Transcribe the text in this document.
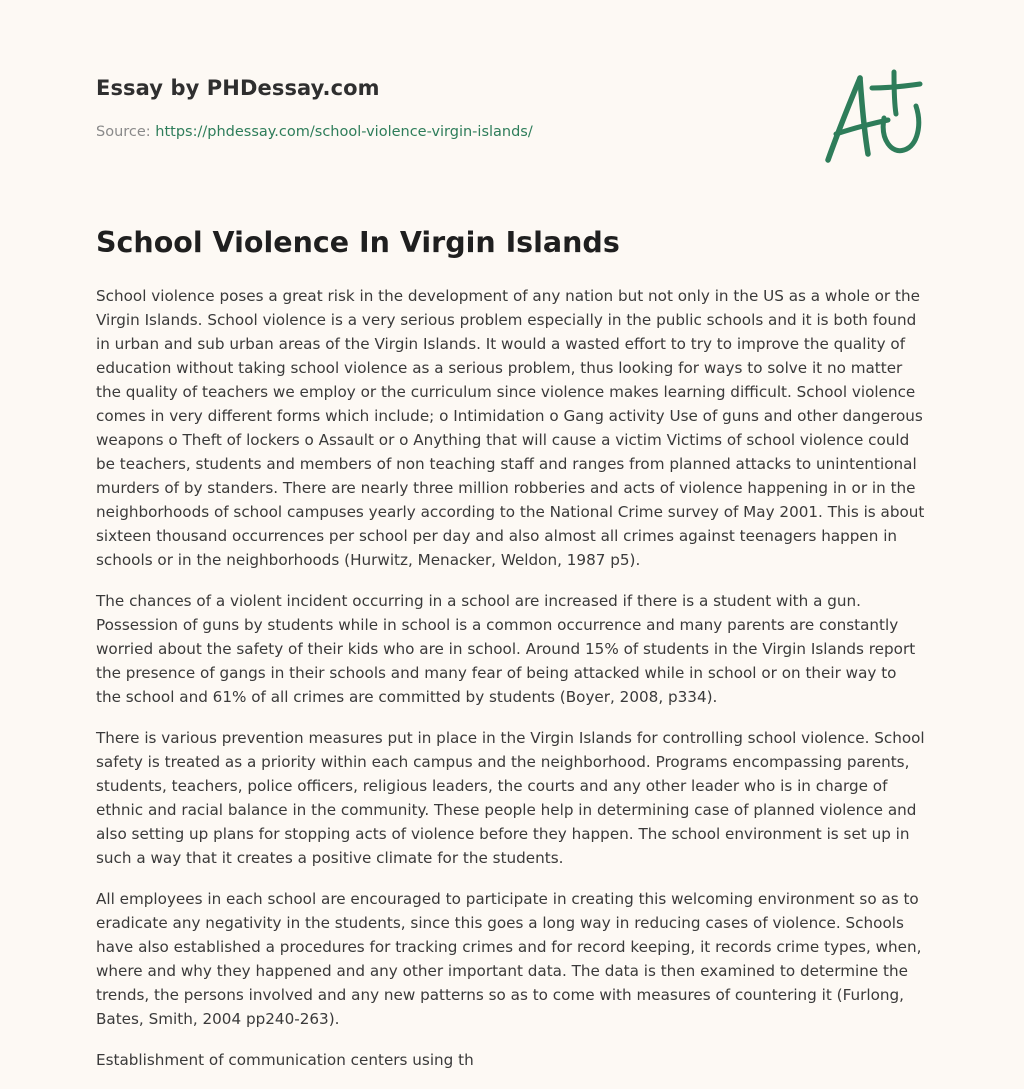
Essay by PHDessay.com
Source: https://phdessay.com/school-violence-virgin-islands/
School Violence In Virgin Islands

School violence poses a great risk in the development of any nation but not only in the US as a whole or the Virgin Islands. School violence is a very serious problem especially in the public schools and it is both found in urban and sub urban areas of the Virgin Islands. It would a wasted effort to try to improve the quality of education without taking school violence as a serious problem, thus looking for ways to solve it no matter the quality of teachers we employ or the curriculum since violence makes learning difficult. School violence comes in very different forms which include; o Intimidation o Gang activity Use of guns and other dangerous weapons o Theft of lockers o Assault or o Anything that will cause a victim Victims of school violence could be teachers, students and members of non teaching staff and ranges from planned attacks to unintentional murders of by standers. There are nearly three million robberies and acts of violence happening in or in the neighborhoods of school campuses yearly according to the National Crime survey of May 2001. This is about sixteen thousand occurrences per school per day and also almost all crimes against teenagers happen in schools or in the neighborhoods (Hurwitz, Menacker, Weldon, 1987 p5).

The chances of a violent incident occurring in a school are increased if there is a student with a gun. Possession of guns by students while in school is a common occurrence and many parents are constantly worried about the safety of their kids who are in school. Around 15% of students in the Virgin Islands report the presence of gangs in their schools and many fear of being attacked while in school or on their way to the school and 61% of all crimes are committed by students (Boyer, 2008, p334).

There is various prevention measures put in place in the Virgin Islands for controlling school violence. School safety is treated as a priority within each campus and the neighborhood. Programs encompassing parents, students, teachers, police officers, religious leaders, the courts and any other leader who is in charge of ethnic and racial balance in the community. These people help in determining case of planned violence and also setting up plans for stopping acts of violence before they happen. The school environment is set up in such a way that it creates a positive climate for the students.

All employees in each school are encouraged to participate in creating this welcoming environment so as to eradicate any negativity in the students, since this goes a long way in reducing cases of violence. Schools have also established a procedures for tracking crimes and for record keeping, it records crime types, when, where and why they happened and any other important data. The data is then examined to determine the trends, the persons involved and any new patterns so as to come with measures of countering it (Furlong, Bates, Smith, 2004 pp240-263).

Establishment of communication centers using th
